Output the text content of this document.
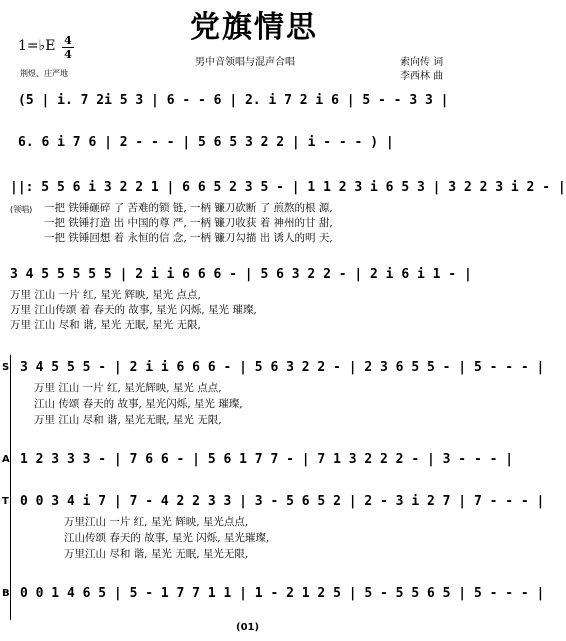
党旗情思
1=♭E 4
4
荆煜、庄严地
男中音领唱与混声合唱	索向传 词
李西林 曲
(5 | i. 7 2i 5 3 | 6 - - 6 | 2. i 7 2 i 6 | 5 - - 3 3 |
6. 6 i 7 6 | 2 - - - | 5 6 5 3 2 2 | i - - - ) |
||: 5 5 6 i 3 2 2 1 | 6 6 5 2 3 5 - | 1 1 2 3 i 6 5 3 | 3 2 2 3 i 2 - |
(领唱) 一把 铁锤砸碎 了 苦难的锁 链, 一柄 镰刀砍断 了 煎熬的根 源,
一把 铁锤打造 出 中国的尊 严, 一柄 镰刀收获 着 神州的甘 甜,
一把 铁锤回想 着 永恒的信 念, 一柄 镰刀勾描 出 诱人的明 天,
3 4 5 5 5 5 5 | 2 i i 6 6 6 - | 5 6 3 2 2 - | 2 i 6 i 1 - |
万里 江山 一片 红, 星光 辉映, 星光 点点,
万里 江山传颂 着 春天的 故事, 星光 闪烁, 星光 璀璨,
万里 江山 尽和 谐, 星光 无眠, 星光 无限,
S 3 4 5 5 5 - | 2 i i 6 6 6 - | 5 6 3 2 2 - | 2 3 6 5 5 - | 5 - - - |
万里 江山 一片 红, 星光辉映, 星光 点点,
江山 传颂 春天的 故事, 星光闪烁, 星光 璀璨,
万里 江山 尽和 谐, 星光无眠, 星光 无限,
A 1 2 3 3 3 - | 7 6 6 - | 5 6 1 7 7 - | 7 1 3 2 2 2 - | 3 - - - |
T 0 0 3 4 i 7 | 7 - 4 2 2 3 3 | 3 - 5 6 5 2 | 2 - 3 i 2 7 | 7 - - - |
万里江山 一片 红, 星光 辉映, 星光点点,
江山传颂 春天的 故事, 星光 闪烁, 星光璀璨,
万里江山 尽和 谐, 星光 无眠, 星光无限,
B 0 0 1 4 6 5 | 5 - 1 7 7 1 1 | 1 - 2 1 2 5 | 5 - 5 5 6 5 | 5 - - - |
(01)
